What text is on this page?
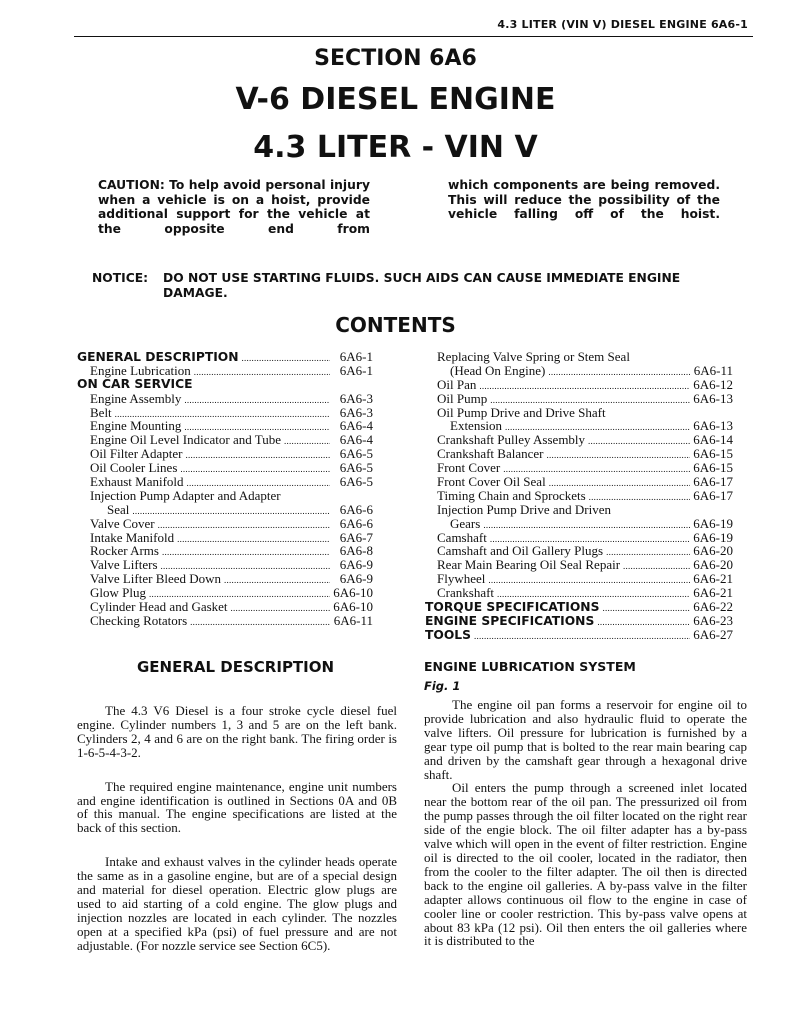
4.3 LITER (VIN V) DIESEL ENGINE 6A6-1
SECTION 6A6
V-6 DIESEL ENGINE
4.3 LITER - VIN V
CAUTION: To help avoid personal injury when a vehicle is on a hoist, provide additional support for the vehicle at the opposite end from
which components are being removed. This will reduce the possibility of the vehicle falling off of the hoist.
NOTICE: DO NOT USE STARTING FLUIDS. SUCH AIDS CAN CAUSE IMMEDIATE ENGINE DAMAGE.
CONTENTS
GENERAL DESCRIPTION . . .	6A6-1
Engine Lubrication . . .	6A6-1
ON CAR SERVICE
Engine Assembly . . .	6A6-3
Belt . . .	6A6-3
Engine Mounting . . .	6A6-4
Engine Oil Level Indicator and Tube . . .	6A6-4
Oil Filter Adapter . . .	6A6-5
Oil Cooler Lines . . .	6A6-5
Exhaust Manifold . . .	6A6-5
Injection Pump Adapter and Adapter
Seal . . .	6A6-6
Valve Cover . . .	6A6-6
Intake Manifold . . .	6A6-7
Rocker Arms . . .	6A6-8
Valve Lifters . . .	6A6-9
Valve Lifter Bleed Down . . .	6A6-9
Glow Plug . . .	6A6-10
Cylinder Head and Gasket . . .	6A6-10
Checking Rotators . . .	6A6-11
Replacing Valve Spring or Stem Seal
(Head On Engine) . . .	6A6-11
Oil Pan . . .	6A6-12
Oil Pump . . .	6A6-13
Oil Pump Drive and Drive Shaft
Extension . . .	6A6-13
Crankshaft Pulley Assembly . . .	6A6-14
Crankshaft Balancer . . .	6A6-15
Front Cover . . .	6A6-15
Front Cover Oil Seal . . .	6A6-17
Timing Chain and Sprockets . . .	6A6-17
Injection Pump Drive and Driven
Gears . . .	6A6-19
Camshaft . . .	6A6-19
Camshaft and Oil Gallery Plugs . . .	6A6-20
Rear Main Bearing Oil Seal Repair . . .	6A6-20
Flywheel . . .	6A6-21
Crankshaft . . .	6A6-21
TORQUE SPECIFICATIONS . . .	6A6-22
ENGINE SPECIFICATIONS . . .	6A6-23
TOOLS . . .	6A6-27
GENERAL DESCRIPTION	ENGINE LUBRICATION SYSTEM
Fig. 1

The 4.3 V6 Diesel is a four stroke cycle diesel fuel engine. Cylinder numbers 1, 3 and 5 are on the left bank. Cylinders 2, 4 and 6 are on the right bank. The firing order is 1-6-5-4-3-2.

The required engine maintenance, engine unit numbers and engine identification is outlined in Sections 0A and 0B of this manual. The engine specifications are listed at the back of this section.

Intake and exhaust valves in the cylinder heads operate the same as in a gasoline engine, but are of a special design and material for diesel operation. Electric glow plugs are used to aid starting of a cold engine. The glow plugs and injection nozzles are located in each cylinder. The nozzles open at a specified kPa (psi) of fuel pressure and are not adjustable. (For nozzle service see Section 6C5).

The engine oil pan forms a reservoir for engine oil to provide lubrication and also hydraulic fluid to operate the valve lifters. Oil pressure for lubrication is furnished by a gear type oil pump that is bolted to the rear main bearing cap and driven by the camshaft gear through a hexagonal drive shaft.

Oil enters the pump through a screened inlet located near the bottom rear of the oil pan. The pressurized oil from the pump passes through the oil filter located on the right rear side of the engie block. The oil filter adapter has a by-pass valve which will open in the event of filter restriction. Engine oil is directed to the oil cooler, located in the radiator, then from the cooler to the filter adapter. The oil then is directed back to the engine oil galleries. A by-pass valve in the filter adapter allows continuous oil flow to the engine in case of cooler line or cooler restriction. This by-pass valve opens at about 83 kPa (12 psi). Oil then enters the oil galleries where it is distributed to the
